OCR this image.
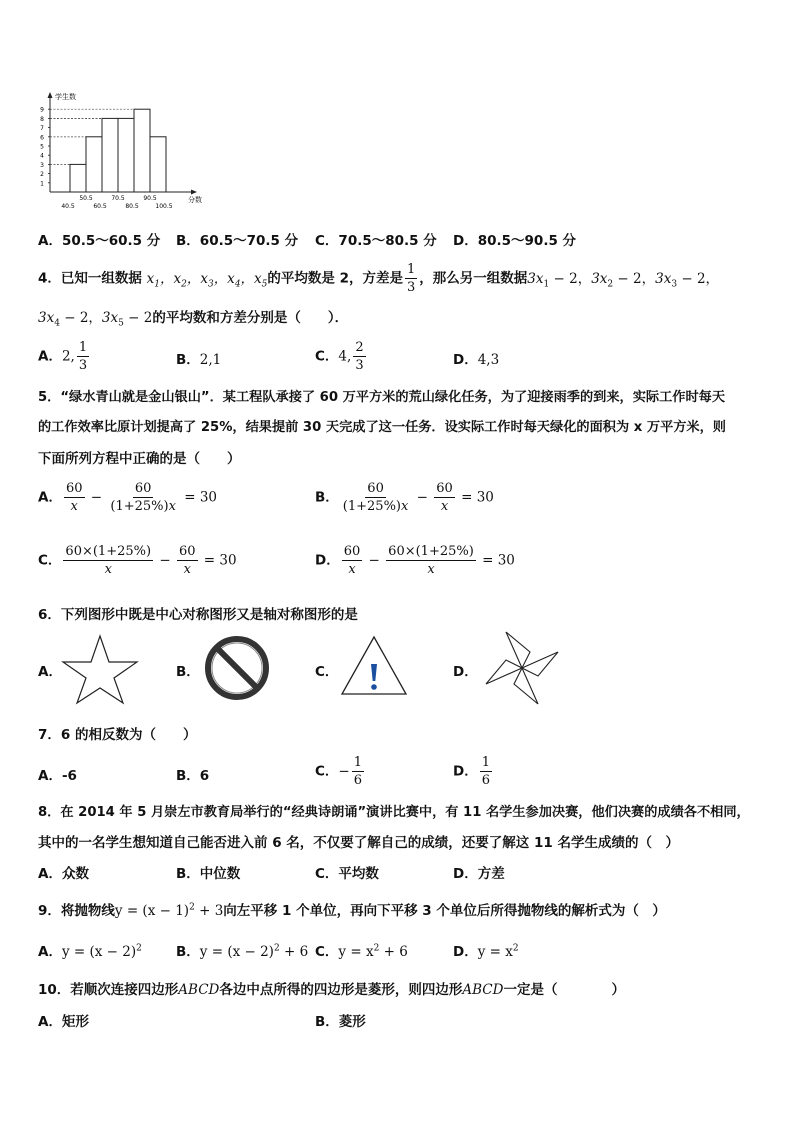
学生数
分数
1
2
3
4
5
6
7
8
9
50.5	70.5	90.5
40.5	60.5	80.5	100.5
A．50.5～60.5 分 B．60.5～70.5 分 C．70.5～80.5 分 D．80.5～90.5 分
4．已知一组数据 $x_1$，$x_2$，$x_3$，$x_4$，$x_5$的平均数是 2，方差是 $\frac{1}{3}$ ，那么另一组数据$3x_1 - 2$，$3x_2 - 2$，$3x_3 - 2$，
$3x_4 - 2$，$3x_5 - 2$的平均数和方差分别是（　　）．
A．2, $\frac{1}{3}$	B．2,1	C．4, $\frac{2}{3}$	D．4,3
5．“绿水青山就是金山银山”．某工程队承接了 60 万平方米的荒山绿化任务，为了迎接雨季的到来，实际工作时每天
的工作效率比原计划提高了 25%，结果提前 30 天完成了这一任务．设实际工作时每天绿化的面积为 x 万平方米，则
下面所列方程中正确的是（　　）
A． $\frac{60}{x} - \frac{60}{(1+25\%)x} = 30$	B． $\frac{60}{(1+25\%)x} - \frac{60}{x} = 30$
C． $\frac{60\times(1+25\%)}{x} - \frac{60}{x} = 30$	D． $\frac{60}{x} - \frac{60\times(1+25\%)}{x} = 30$
6．下列图形中既是中心对称图形又是轴对称图形的是
A．	B．	C．	D．
7．6 的相反数为（　　）
A．-6	B．6	C．− $\frac{1}{6}$	D． $\frac{1}{6}$
8．在 2014 年 5 月崇左市教育局举行的“经典诗朗诵”演讲比赛中，有 11 名学生参加决赛，他们决赛的成绩各不相同，
其中的一名学生想知道自己能否进入前 6 名，不仅要了解自己的成绩，还要了解这 11 名学生成绩的（　）
A．众数	B．中位数	C．平均数	D．方差
9．将抛物线$y = (x - 1)^2 + 3$向左平移 1 个单位，再向下平移 3 个单位后所得抛物线的解析式为（　）
A．$y = (x - 2)^2$	B．$y = (x - 2)^2 + 6$ C．$y = x^2 + 6$	D．$y = x^2$
10．若顺次连接四边形ABCD各边中点所得的四边形是菱形，则四边形ABCD一定是（　　　　）
A．矩形	B．菱形
